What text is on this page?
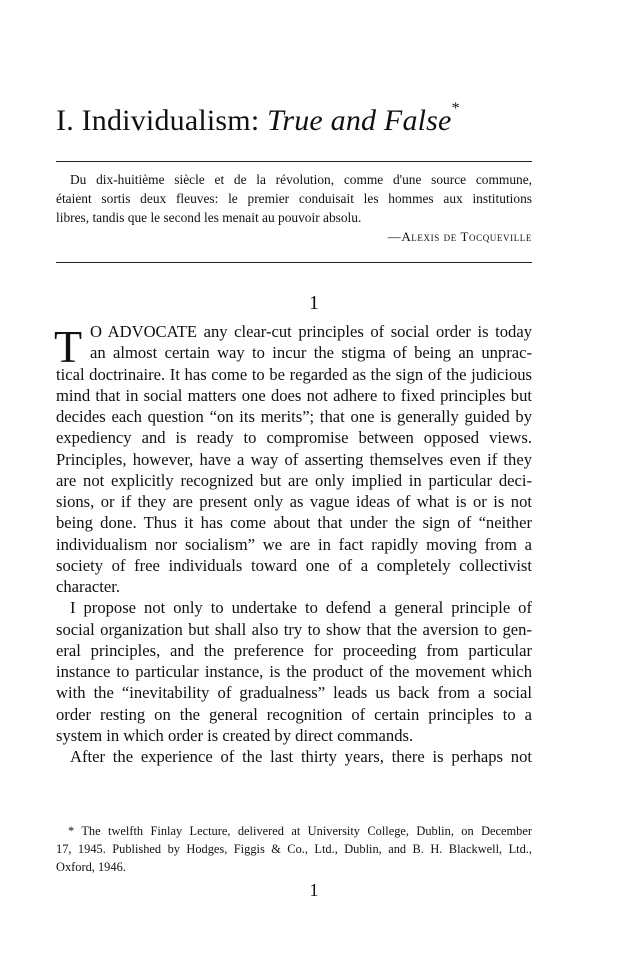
I. Individualism: True and False*
Du dix-huitième siècle et de la révolution, comme d'une source commune,
étaient sortis deux fleuves: le premier conduisait les hommes aux institutions
libres, tandis que le second les menait au pouvoir absolu.
—Alexis de Tocqueville
1
T O ADVOCATE any clear-cut principles of social order is today
an almost certain way to incur the stigma of being an unprac-
tical doctrinaire. It has come to be regarded as the sign of the judicious
mind that in social matters one does not adhere to fixed principles but
decides each question “on its merits”; that one is generally guided by
expediency and is ready to compromise between opposed views.
Principles, however, have a way of asserting themselves even if they
are not explicitly recognized but are only implied in particular deci-
sions, or if they are present only as vague ideas of what is or is not
being done. Thus it has come about that under the sign of “neither
individualism nor socialism” we are in fact rapidly moving from a
society of free individuals toward one of a completely collectivist
character.
I propose not only to undertake to defend a general principle of
social organization but shall also try to show that the aversion to gen-
eral principles, and the preference for proceeding from particular
instance to particular instance, is the product of the movement which
with the “inevitability of gradualness” leads us back from a social
order resting on the general recognition of certain principles to a
system in which order is created by direct commands.
After the experience of the last thirty years, there is perhaps not
* The twelfth Finlay Lecture, delivered at University College, Dublin, on December
17, 1945. Published by Hodges, Figgis & Co., Ltd., Dublin, and B. H. Blackwell, Ltd.,
Oxford, 1946.
1
